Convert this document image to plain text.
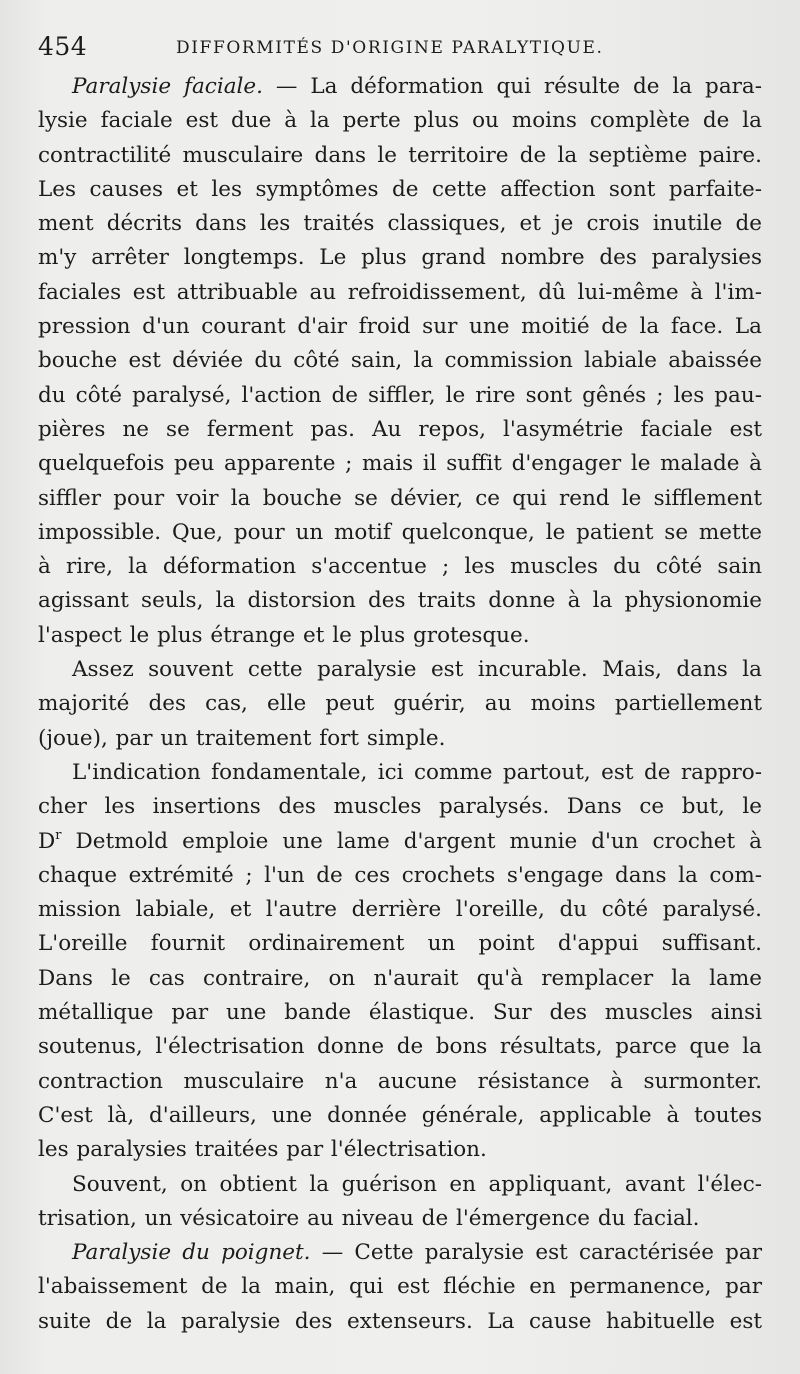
454	DIFFORMITÉS D'ORIGINE PARALYTIQUE.
Paralysie faciale. — La déformation qui résulte de la para-
lysie faciale est due à la perte plus ou moins complète de la
contractilité musculaire dans le territoire de la septième paire.
Les causes et les symptômes de cette affection sont parfaite-
ment décrits dans les traités classiques, et je crois inutile de
m'y arrêter longtemps. Le plus grand nombre des paralysies
faciales est attribuable au refroidissement, dû lui-même à l'im-
pression d'un courant d'air froid sur une moitié de la face. La
bouche est déviée du côté sain, la commission labiale abaissée
du côté paralysé, l'action de siffler, le rire sont gênés ; les pau-
pières ne se ferment pas. Au repos, l'asymétrie faciale est
quelquefois peu apparente ; mais il suffit d'engager le malade à
siffler pour voir la bouche se dévier, ce qui rend le sifflement
impossible. Que, pour un motif quelconque, le patient se mette
à rire, la déformation s'accentue ; les muscles du côté sain
agissant seuls, la distorsion des traits donne à la physionomie
l'aspect le plus étrange et le plus grotesque.
Assez souvent cette paralysie est incurable. Mais, dans la
majorité des cas, elle peut guérir, au moins partiellement
(joue), par un traitement fort simple.
L'indication fondamentale, ici comme partout, est de rappro-
cher les insertions des muscles paralysés. Dans ce but, le
$D^r$ Detmold emploie une lame d'argent munie d'un crochet à
chaque extrémité ; l'un de ces crochets s'engage dans la com-
mission labiale, et l'autre derrière l'oreille, du côté paralysé.
L'oreille fournit ordinairement un point d'appui suffisant.
Dans le cas contraire, on n'aurait qu'à remplacer la lame
métallique par une bande élastique. Sur des muscles ainsi
soutenus, l'électrisation donne de bons résultats, parce que la
contraction musculaire n'a aucune résistance à surmonter.
C'est là, d'ailleurs, une donnée générale, applicable à toutes
les paralysies traitées par l'électrisation.
Souvent, on obtient la guérison en appliquant, avant l'élec-
trisation, un vésicatoire au niveau de l'émergence du facial.
Paralysie du poignet. — Cette paralysie est caractérisée par
l'abaissement de la main, qui est fléchie en permanence, par
suite de la paralysie des extenseurs. La cause habituelle est
